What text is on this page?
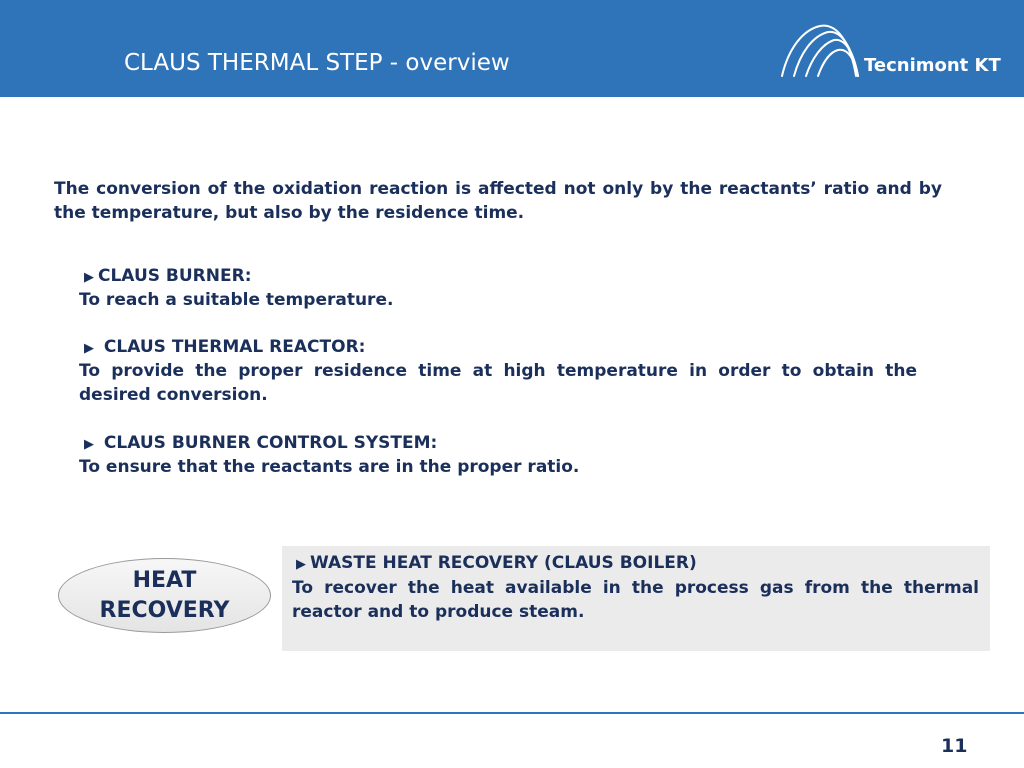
CLAUS THERMAL STEP - overview	Tecnimont KT
The conversion of the oxidation reaction is affected not only by the reactants’ ratio and by the temperature, but also by the residence time.
▶ CLAUS BURNER:
To reach a suitable temperature.
▶ CLAUS THERMAL REACTOR:
To provide the proper residence time at high temperature in order to obtain the desired conversion.
▶ CLAUS BURNER CONTROL SYSTEM:
To ensure that the reactants are in the proper ratio.
HEAT
RECOVERY
▶ WASTE HEAT RECOVERY (CLAUS BOILER)
To recover the heat available in the process gas from the thermal reactor and to produce steam.
11
